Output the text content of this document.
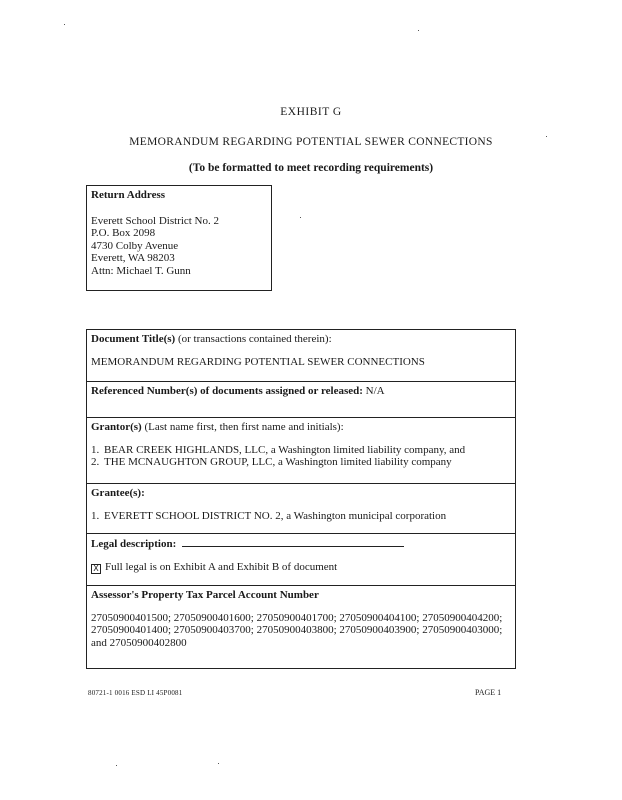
EXHIBIT G
MEMORANDUM REGARDING POTENTIAL SEWER CONNECTIONS
(To be formatted to meet recording requirements)
Return Address
Everett School District No. 2
P.O. Box 2098
4730 Colby Avenue
Everett, WA 98203
Attn: Michael T. Gunn
Document Title(s) (or transactions contained therein):
MEMORANDUM REGARDING POTENTIAL SEWER CONNECTIONS
Referenced Number(s) of documents assigned or released: N/A
Grantor(s) (Last name first, then first name and initials):
1. BEAR CREEK HIGHLANDS, LLC, a Washington limited liability company, and
2. THE MCNAUGHTON GROUP, LLC, a Washington limited liability company
Grantee(s):
1. EVERETT SCHOOL DISTRICT NO. 2, a Washington municipal corporation
Legal description:
X Full legal is on Exhibit A and Exhibit B of document
Assessor's Property Tax Parcel Account Number
27050900401500; 27050900401600; 27050900401700; 27050900404100; 27050900404200;
27050900401400; 27050900403700; 27050900403800; 27050900403900; 27050900403000;
and 27050900402800
80721-1 0016 ESD LI 45P0081	PAGE 1
